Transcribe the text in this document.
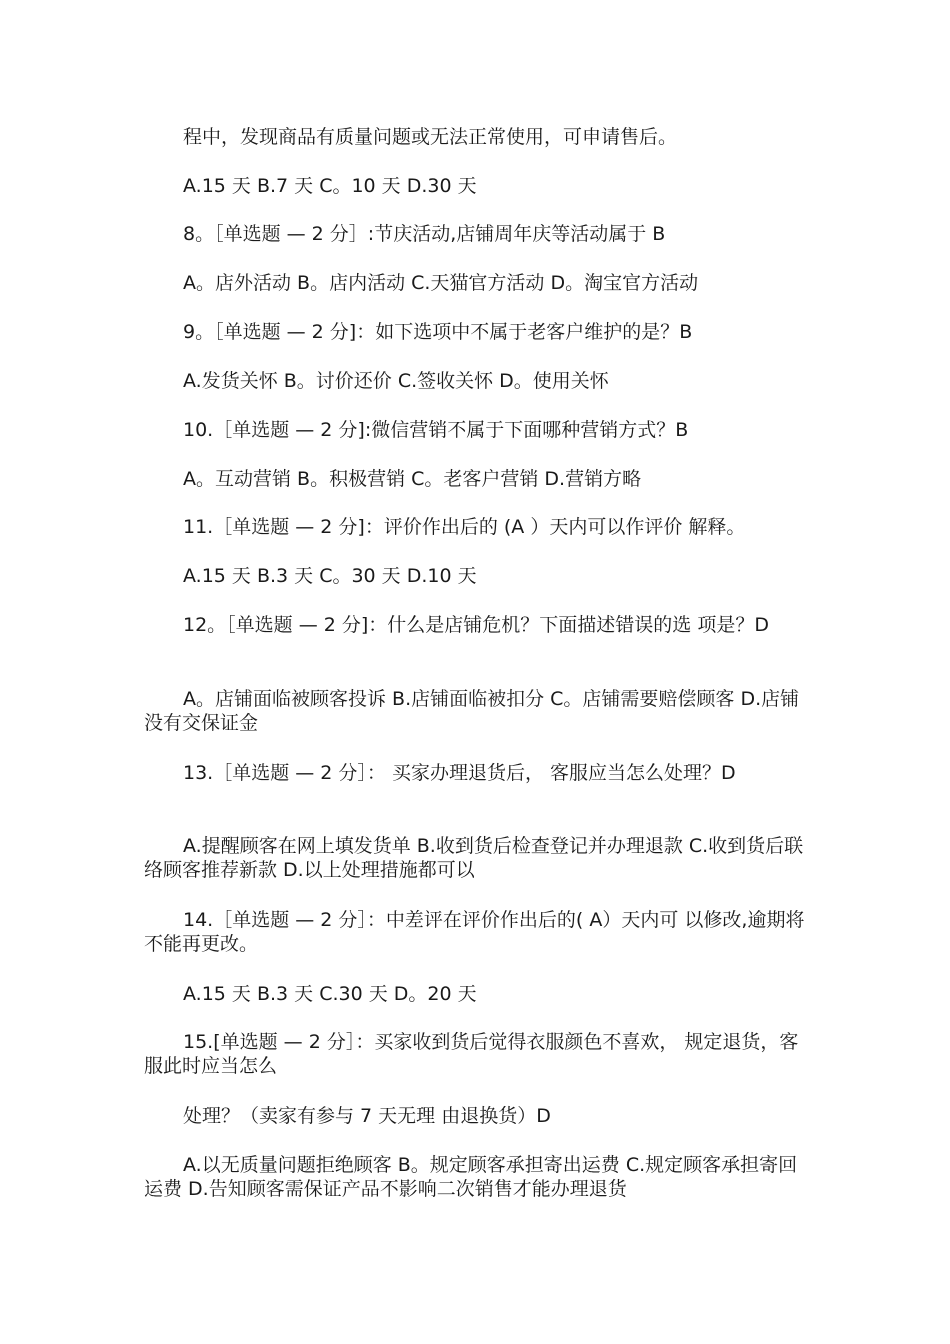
程中，发现商品有质量问题或无法正常使用，可申请售后。
A.15 天 B.7 天 C。10 天 D.30 天
8。［单选题 — 2 分］:节庆活动,店铺周年庆等活动属于 B
A。店外活动 B。店内活动 C.天猫官方活动 D。淘宝官方活动
9。［单选题 — 2 分]：如下选项中不属于老客户维护的是？B
A.发货关怀 B。讨价还价 C.签收关怀 D。使用关怀
10.［单选题 — 2 分]:微信营销不属于下面哪种营销方式？B
A。互动营销 B。积极营销 C。老客户营销 D.营销方略
11.［单选题 — 2 分]：评价作出后的 (A ）天内可以作评价 解释。
A.15 天 B.3 天 C。30 天 D.10 天
12。［单选题 — 2 分]：什么是店铺危机？下面描述错误的选 项是？D
A。店铺面临被顾客投诉 B.店铺面临被扣分 C。店铺需要赔偿顾客 D.店铺没有交保证金
13.［单选题 — 2 分］： 买家办理退货后， 客服应当怎么处理？D
A.提醒顾客在网上填发货单 B.收到货后检查登记并办理退款 C.收到货后联络顾客推荐新款 D.以上处理措施都可以
14.［单选题 — 2 分］：中差评在评价作出后的( A）天内可 以修改,逾期将不能再更改。
A.15 天 B.3 天 C.30 天 D。20 天
15.[单选题 — 2 分］：买家收到货后觉得衣服颜色不喜欢， 规定退货，客服此时应当怎么
处理？（卖家有参与 7 天无理 由退换货）D
A.以无质量问题拒绝顾客 B。规定顾客承担寄出运费 C.规定顾客承担寄回运费 D.告知顾客需保证产品不影响二次销售才能办理退货
